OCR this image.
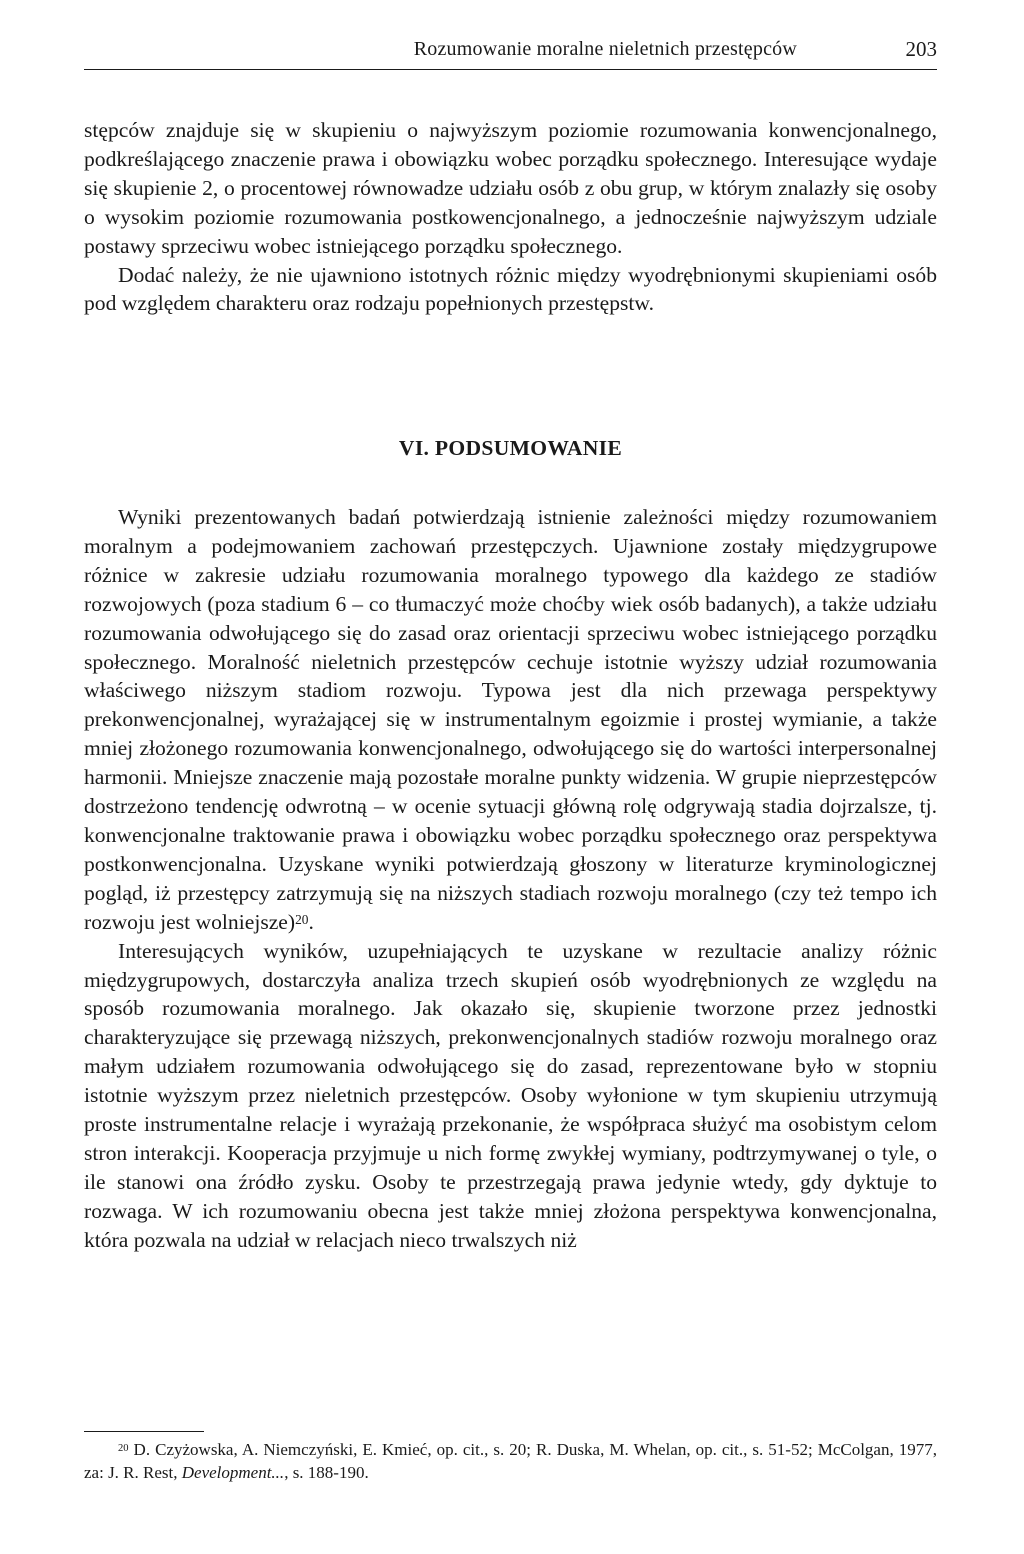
Rozumowanie moralne nieletnich przestępców	203

stępców znajduje się w skupieniu o najwyższym poziomie rozumowania konwencjonalnego, podkreślającego znaczenie prawa i obowiązku wobec porządku społecznego. Interesujące wydaje się skupienie 2, o procentowej równowadze udziału osób z obu grup, w którym znalazły się osoby o wysokim poziomie rozumowania postkowencjonalnego, a jednocześnie najwyższym udziale postawy sprzeciwu wobec istniejącego porządku społecznego.

Dodać należy, że nie ujawniono istotnych różnic między wyodrębnionymi skupieniami osób pod względem charakteru oraz rodzaju popełnionych przestępstw.

VI. PODSUMOWANIE

Wyniki prezentowanych badań potwierdzają istnienie zależności między rozumowaniem moralnym a podejmowaniem zachowań przestępczych. Ujawnione zostały międzygrupowe różnice w zakresie udziału rozumowania moralnego typowego dla każdego ze stadiów rozwojowych (poza stadium 6 – co tłumaczyć może choćby wiek osób badanych), a także udziału rozumowania odwołującego się do zasad oraz orientacji sprzeciwu wobec istniejącego porządku społecznego. Moralność nieletnich przestępców cechuje istotnie wyższy udział rozumowania właściwego niższym stadiom rozwoju. Typowa jest dla nich przewaga perspektywy prekonwencjonalnej, wyrażającej się w instrumentalnym egoizmie i prostej wymianie, a także mniej złożonego rozumowania konwencjonalnego, odwołującego się do wartości interpersonalnej harmonii. Mniejsze znaczenie mają pozostałe moralne punkty widzenia. W grupie nieprzestępców dostrzeżono tendencję odwrotną – w ocenie sytuacji główną rolę odgrywają stadia dojrzalsze, tj. konwencjonalne traktowanie prawa i obowiązku wobec porządku społecznego oraz perspektywa postkonwencjonalna. Uzyskane wyniki potwierdzają głoszony w literaturze kryminologicznej pogląd, iż przestępcy zatrzymują się na niższych stadiach rozwoju moralnego (czy też tempo ich rozwoju jest wolniejsze)$^{20}$.

Interesujących wyników, uzupełniających te uzyskane w rezultacie analizy różnic międzygrupowych, dostarczyła analiza trzech skupień osób wyodrębnionych ze względu na sposób rozumowania moralnego. Jak okazało się, skupienie tworzone przez jednostki charakteryzujące się przewagą niższych, prekonwencjonalnych stadiów rozwoju moralnego oraz małym udziałem rozumowania odwołującego się do zasad, reprezentowane było w stopniu istotnie wyższym przez nieletnich przestępców. Osoby wyłonione w tym skupieniu utrzymują proste instrumentalne relacje i wyrażają przekonanie, że współpraca służyć ma osobistym celom stron interakcji. Kooperacja przyjmuje u nich formę zwykłej wymiany, podtrzymywanej o tyle, o ile stanowi ona źródło zysku. Osoby te przestrzegają prawa jedynie wtedy, gdy dyktuje to rozwaga. W ich rozumowaniu obecna jest także mniej złożona perspektywa konwencjonalna, która pozwala na udział w relacjach nieco trwalszych niż

$^{20}$ D. Czyżowska, A. Niemczyński, E. Kmieć, op. cit., s. 20; R. Duska, M. Whelan, op. cit., s. 51-52; McColgan, 1977, za: J. R. Rest, Development..., s. 188-190.
